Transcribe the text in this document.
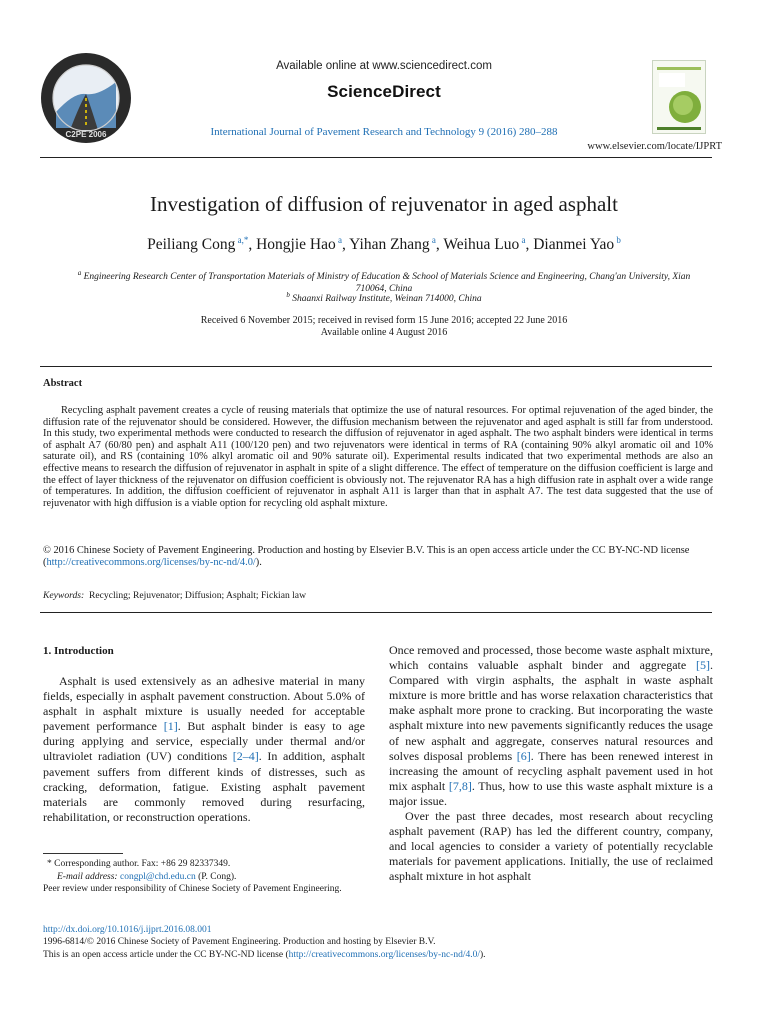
C2PE 2006
Available online at www.sciencedirect.com
ScienceDirect
International Journal of Pavement Research and Technology 9 (2016) 280–288
www.elsevier.com/locate/IJPRT
Investigation of diffusion of rejuvenator in aged asphalt
Peiliang Cong $^{a,*}$, Hongjie Hao $^a$, Yihan Zhang $^a$, Weihua Luo $^a$, Dianmei Yao $^b$
$^a$ Engineering Research Center of Transportation Materials of Ministry of Education & School of Materials Science and Engineering, Chang'an University, Xian 710064, China
$^b$ Shaanxi Railway Institute, Weinan 714000, China
Received 6 November 2015; received in revised form 15 June 2016; accepted 22 June 2016
Available online 4 August 2016
Abstract

Recycling asphalt pavement creates a cycle of reusing materials that optimize the use of natural resources. For optimal rejuvenation of the aged binder, the diffusion rate of the rejuvenator should be considered. However, the diffusion mechanism between the rejuvenator and aged asphalt is still far from understood. In this study, two experimental methods were conducted to research the diffusion of rejuvenator in aged asphalt. The two asphalt binders were identical in terms of asphalt A7 (60/80 pen) and asphalt A11 (100/120 pen) and two rejuvenators were identical in terms of RA (containing 90% alkyl aromatic oil and 10% saturate oil), and RS (containing 10% alkyl aromatic oil and 90% saturate oil). Experimental results indicated that two experimental methods are also an effective means to research the diffusion of rejuvenator in asphalt in spite of a slight difference. The effect of temperature on the diffusion coefficient is large and the effect of layer thickness of the rejuvenator on diffusion coefficient is obviously not. The rejuvenator RA has a high diffusion rate in asphalt over a wide range of temperatures. In addition, the diffusion coefficient of rejuvenator in asphalt A11 is larger than that in asphalt A7. The test data suggested that the use of rejuvenator with high diffusion is a viable option for recycling old asphalt mixture.

© 2016 Chinese Society of Pavement Engineering. Production and hosting by Elsevier B.V. This is an open access article under the CC BY-NC-ND license (http://creativecommons.org/licenses/by-nc-nd/4.0/).
Keywords: Recycling; Rejuvenator; Diffusion; Asphalt; Fickian law
1. Introduction

Asphalt is used extensively as an adhesive material in many fields, especially in asphalt pavement construction. About 5.0% of asphalt in asphalt mixture is usually needed for acceptable pavement performance [1]. But asphalt binder is easy to age during applying and service, especially under thermal and/or ultraviolet radiation (UV) conditions [2–4]. In addition, asphalt pavement suffers from different kinds of distresses, such as cracking, deformation, fatigue. Existing asphalt pavement materials are commonly removed during resurfacing, rehabilitation, or reconstruction operations.

Once removed and processed, those become waste asphalt mixture, which contains valuable asphalt binder and aggregate [5]. Compared with virgin asphalts, the asphalt in waste asphalt mixture is more brittle and has worse relaxation characteristics that make asphalt more prone to cracking. But incorporating the waste asphalt mixture into new pavements significantly reduces the usage of new asphalt and aggregate, conserves natural resources and solves disposal problems [6]. There has been renewed interest in increasing the amount of recycling asphalt pavement used in hot mix asphalt [7,8]. Thus, how to use this waste asphalt mixture is a major issue.

Over the past three decades, most research about recycling asphalt pavement (RAP) has led the different country, company, and local agencies to consider a variety of potentially recyclable materials for pavement applications. Initially, the use of reclaimed asphalt mixture in hot asphalt

* Corresponding author. Fax: +86 29 82337349.

E-mail address: congpl@chd.edu.cn (P. Cong).

Peer review under responsibility of Chinese Society of Pavement Engineering.

http://dx.doi.org/10.1016/j.ijprt.2016.08.001

1996-6814/© 2016 Chinese Society of Pavement Engineering. Production and hosting by Elsevier B.V.

This is an open access article under the CC BY-NC-ND license (http://creativecommons.org/licenses/by-nc-nd/4.0/).
